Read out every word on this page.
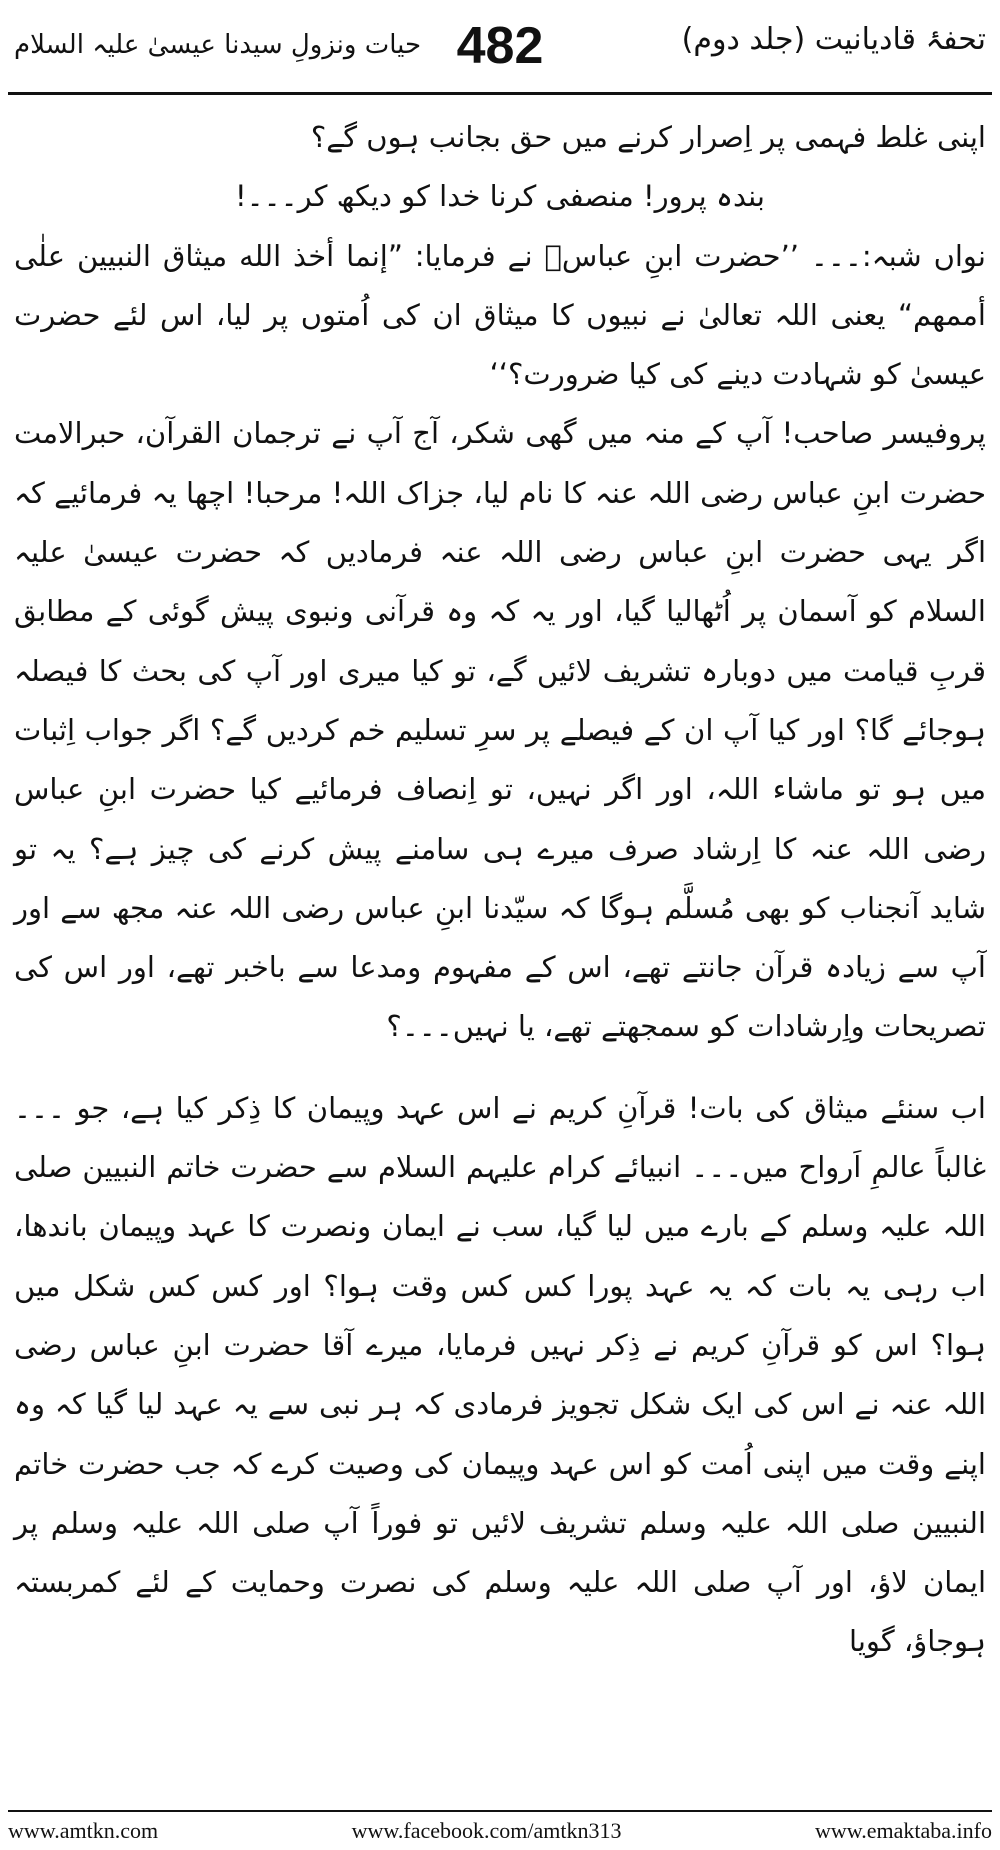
تحفۂ قادیانیت (جلد دوم)
482
حیات ونزولِ سیدنا عیسیٰ علیہ السلام

اپنی غلط فہمی پر اِصرار کرنے میں حق بجانب ہوں گے؟

بندہ پرور! منصفی کرنا خدا کو دیکھ کر۔۔۔!

نواں شبہ:۔۔۔ ’’حضرت ابنِ عباسؓ نے فرمایا: ”إنما أخذ الله میثاق النبیین علٰی أممهم“ یعنی اللہ تعالیٰ نے نبیوں کا میثاق ان کی اُمتوں پر لیا، اس لئے حضرت عیسیٰ کو شہادت دینے کی کیا ضرورت؟‘‘

پروفیسر صاحب! آپ کے منہ میں گھی شکر، آج آپ نے ترجمان القرآن، حبرالامت حضرت ابنِ عباس رضی اللہ عنہ کا نام لیا، جزاک اللہ! مرحبا! اچھا یہ فرمائیے کہ اگر یہی حضرت ابنِ عباس رضی اللہ عنہ فرمادیں کہ حضرت عیسیٰ علیہ السلام کو آسمان پر اُٹھالیا گیا، اور یہ کہ وہ قرآنی ونبوی پیش گوئی کے مطابق قربِ قیامت میں دوبارہ تشریف لائیں گے، تو کیا میری اور آپ کی بحث کا فیصلہ ہوجائے گا؟ اور کیا آپ ان کے فیصلے پر سرِ تسلیم خم کردیں گے؟ اگر جواب اِثبات میں ہو تو ماشاء اللہ، اور اگر نہیں، تو اِنصاف فرمائیے کیا حضرت ابنِ عباس رضی اللہ عنہ کا اِرشاد صرف میرے ہی سامنے پیش کرنے کی چیز ہے؟ یہ تو شاید آنجناب کو بھی مُسلَّم ہوگا کہ سیّدنا ابنِ عباس رضی اللہ عنہ مجھ سے اور آپ سے زیادہ قرآن جانتے تھے، اس کے مفہوم ومدعا سے باخبر تھے، اور اس کی تصریحات واِرشادات کو سمجھتے تھے، یا نہیں۔۔۔؟

اب سنئے میثاق کی بات! قرآنِ کریم نے اس عہد وپیمان کا ذِکر کیا ہے، جو ۔۔۔غالباً عالمِ اَرواح میں۔۔۔ انبیائے کرام علیہم السلام سے حضرت خاتم النبیین صلی اللہ علیہ وسلم کے بارے میں لیا گیا، سب نے ایمان ونصرت کا عہد وپیمان باندھا، اب رہی یہ بات کہ یہ عہد پورا کس کس وقت ہوا؟ اور کس کس شکل میں ہوا؟ اس کو قرآنِ کریم نے ذِکر نہیں فرمایا، میرے آقا حضرت ابنِ عباس رضی اللہ عنہ نے اس کی ایک شکل تجویز فرمادی کہ ہر نبی سے یہ عہد لیا گیا کہ وہ اپنے وقت میں اپنی اُمت کو اس عہد وپیمان کی وصیت کرے کہ جب حضرت خاتم النبیین صلی اللہ علیہ وسلم تشریف لائیں تو فوراً آپ صلی اللہ علیہ وسلم پر ایمان لاؤ، اور آپ صلی اللہ علیہ وسلم کی نصرت وحمایت کے لئے کمربستہ ہوجاؤ، گویا

www.amtkn.com	www.facebook.com/amtkn313	www.emaktaba.info
